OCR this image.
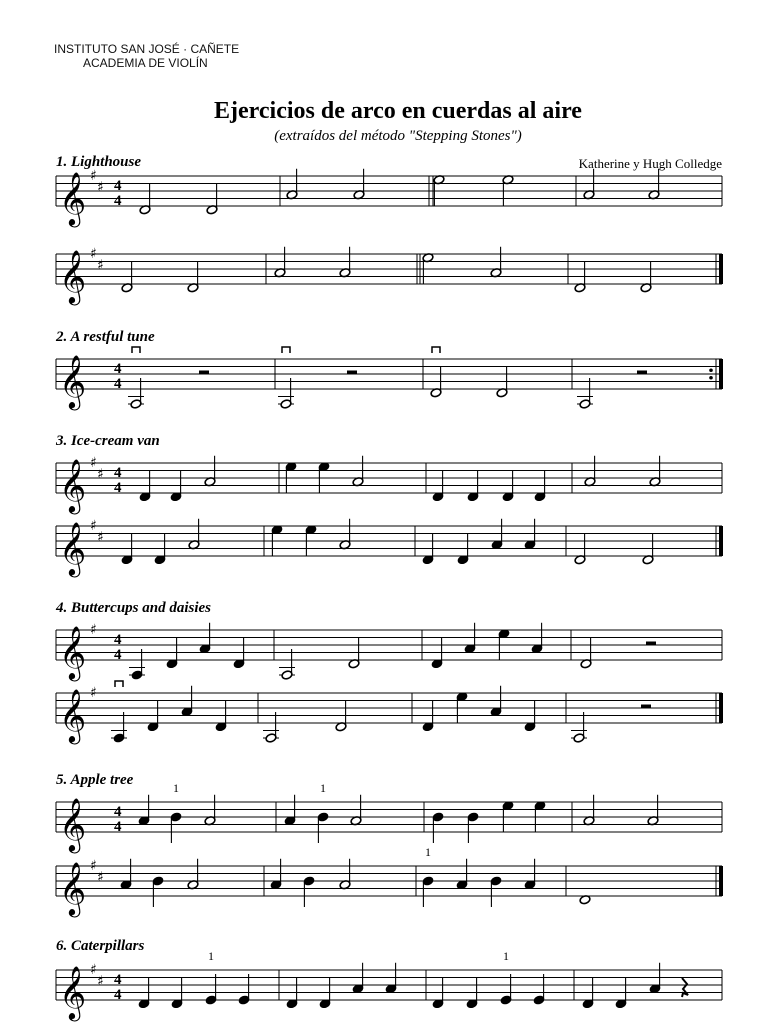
INSTITUTO SAN JOSÉ · CAÑETE
ACADEMIA DE VIOLÍN
Ejercicios de arco en cuerdas al aire
(extraídos del método "Stepping Stones")
Katherine y Hugh Colledge
1. Lighthouse
2. A restful tune
3. Ice-cream van
4. Buttercups and daisies
5. Apple tree
6. Caterpillars
𝄞 ♯
♯ 4
4
𝄞 ♯
♯
𝄞 4
4
𝄞 ♯
♯ 4
4
𝄞 ♯
♯
𝄞 ♯
4
4
𝄞 ♯
𝄞 4
4
1	1
𝄞 ♯
♯
1
𝄞 ♯
♯ 4
4
1	1
